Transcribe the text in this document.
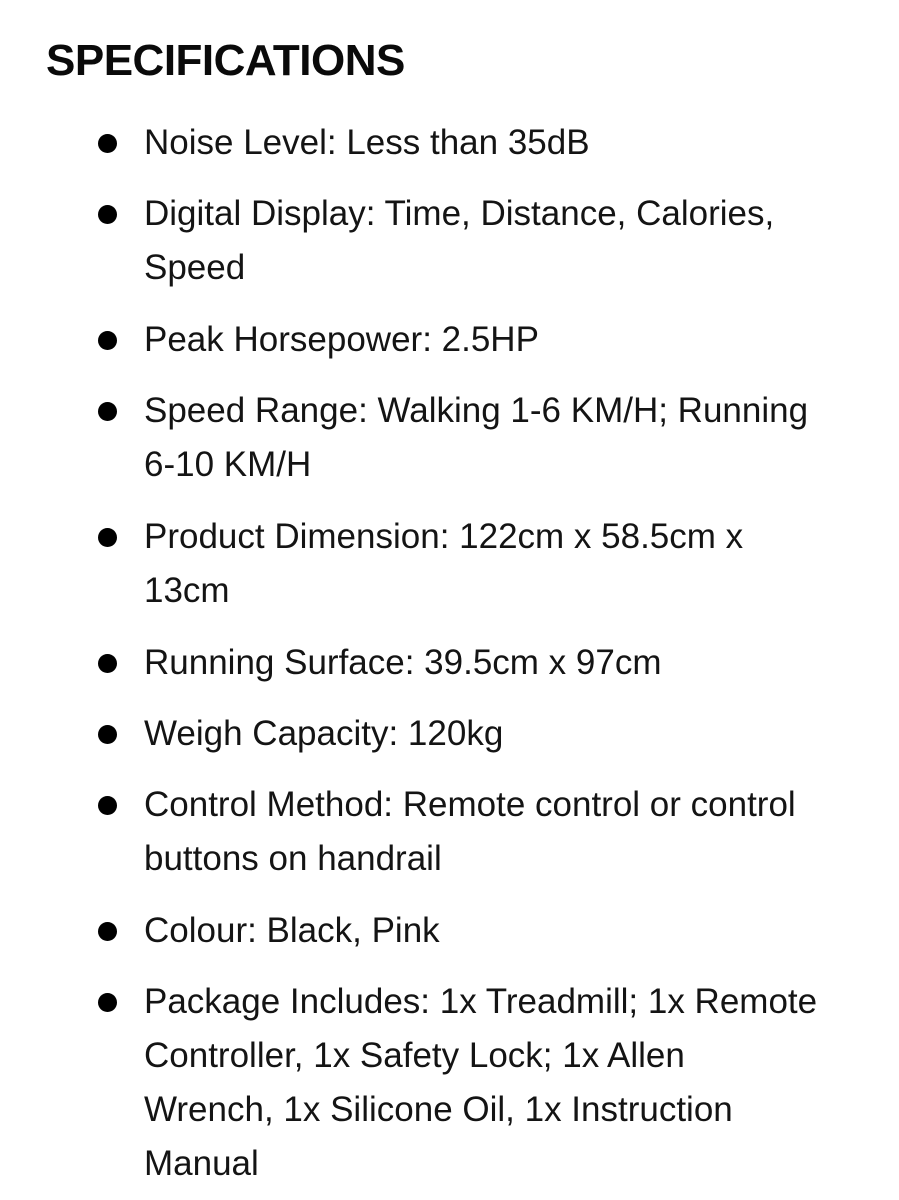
SPECIFICATIONS
Noise Level: Less than 35dB
Digital Display: Time, Distance, Calories,
Speed
Peak Horsepower: 2.5HP
Speed Range: Walking 1-6 KM/H; Running
6-10 KM/H
Product Dimension: 122cm x 58.5cm x
13cm
Running Surface: 39.5cm x 97cm
Weigh Capacity: 120kg
Control Method: Remote control or control
buttons on handrail
Colour: Black, Pink
Package Includes: 1x Treadmill; 1x Remote
Controller, 1x Safety Lock; 1x Allen
Wrench, 1x Silicone Oil, 1x Instruction
Manual
